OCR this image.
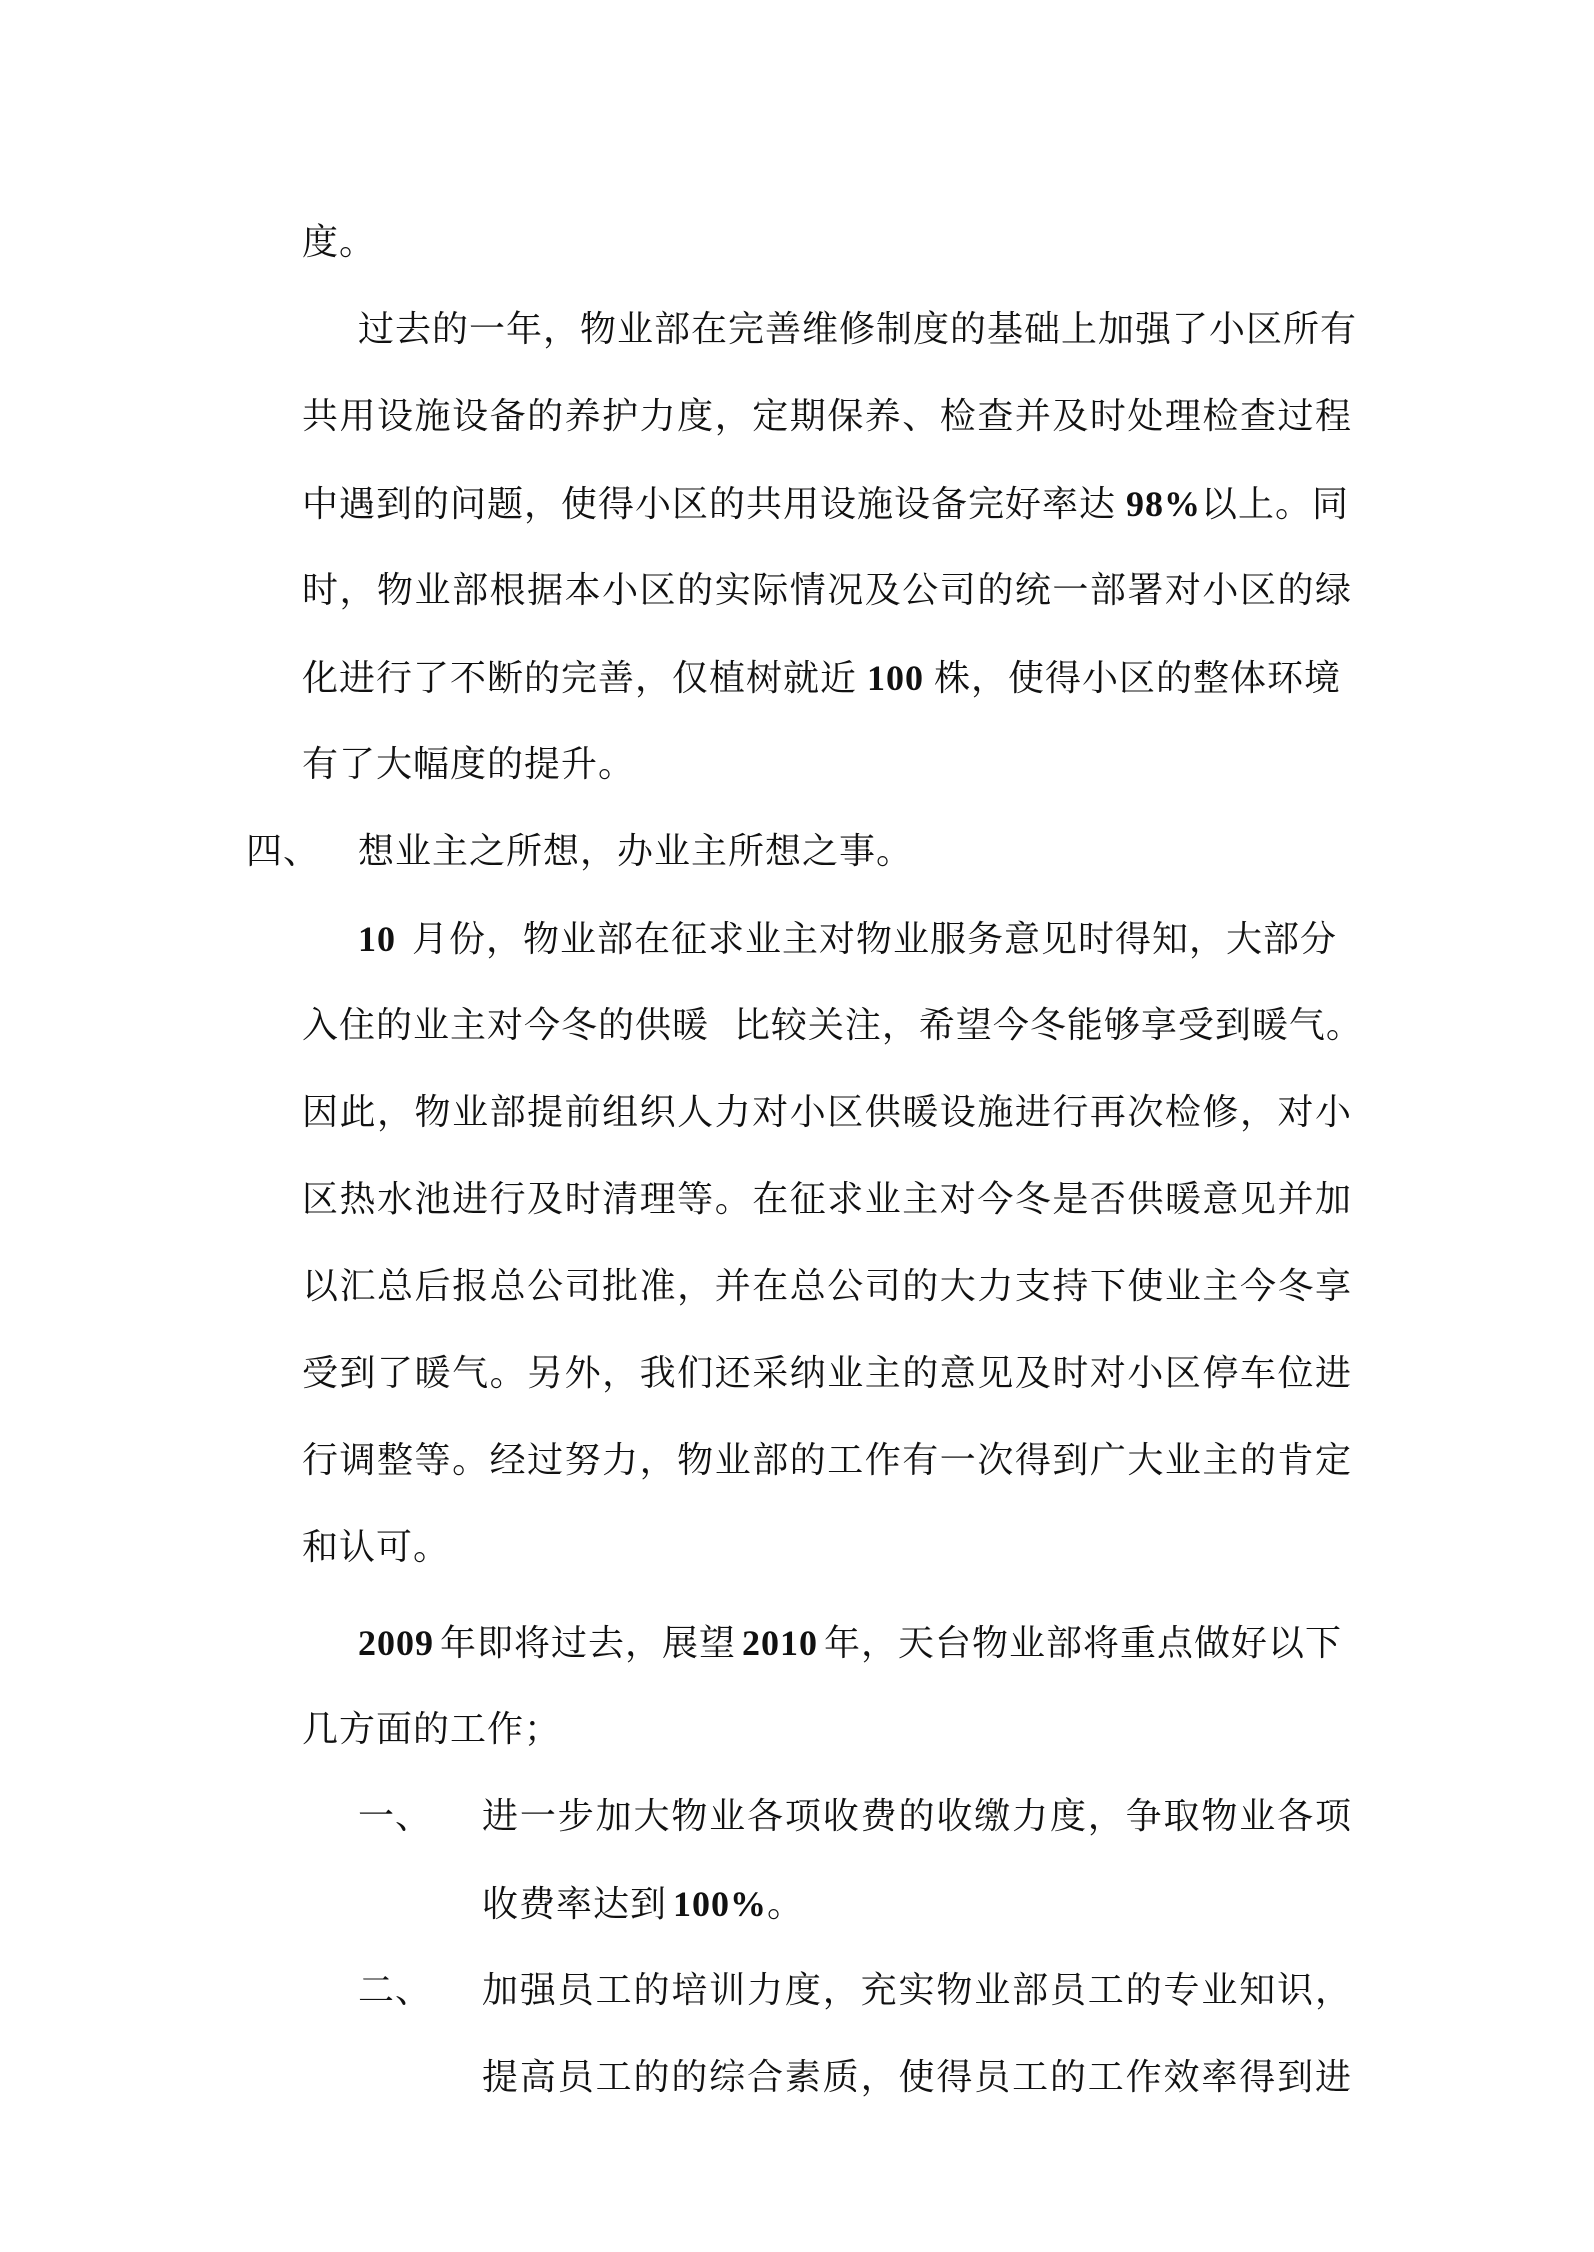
度。
过去的一年，物业部在完善维修制度的基础上加强了小区所有
共用设施设备的养护力度，定期保养、检查并及时处理检查过程
中遇到的问题，使得小区的共用设施设备完好率达 98%以上。同
时，物业部根据本小区的实际情况及公司的统一部署对小区的绿
化进行了不断的完善，仅植树就近 100 株，使得小区的整体环境
有了大幅度的提升。
四、 想业主之所想，办业主所想之事。
10 月份，物业部在征求业主对物业服务意见时得知，大部分
入住的业主对今冬的供暖  比较关注，希望今冬能够享受到暖气。
因此，物业部提前组织人力对小区供暖设施进行再次检修，对小
区热水池进行及时清理等。在征求业主对今冬是否供暖意见并加
以汇总后报总公司批准，并在总公司的大力支持下使业主今冬享
受到了暖气。另外，我们还采纳业主的意见及时对小区停车位进
行调整等。经过努力，物业部的工作有一次得到广大业主的肯定
和认可。
2009 年即将过去，展望 2010 年，天台物业部将重点做好以下
几方面的工作；
一、 进一步加大物业各项收费的收缴力度，争取物业各项
收费率达到 100%。
二、 加强员工的培训力度，充实物业部员工的专业知识，
提高员工的的综合素质，使得员工的工作效率得到进
